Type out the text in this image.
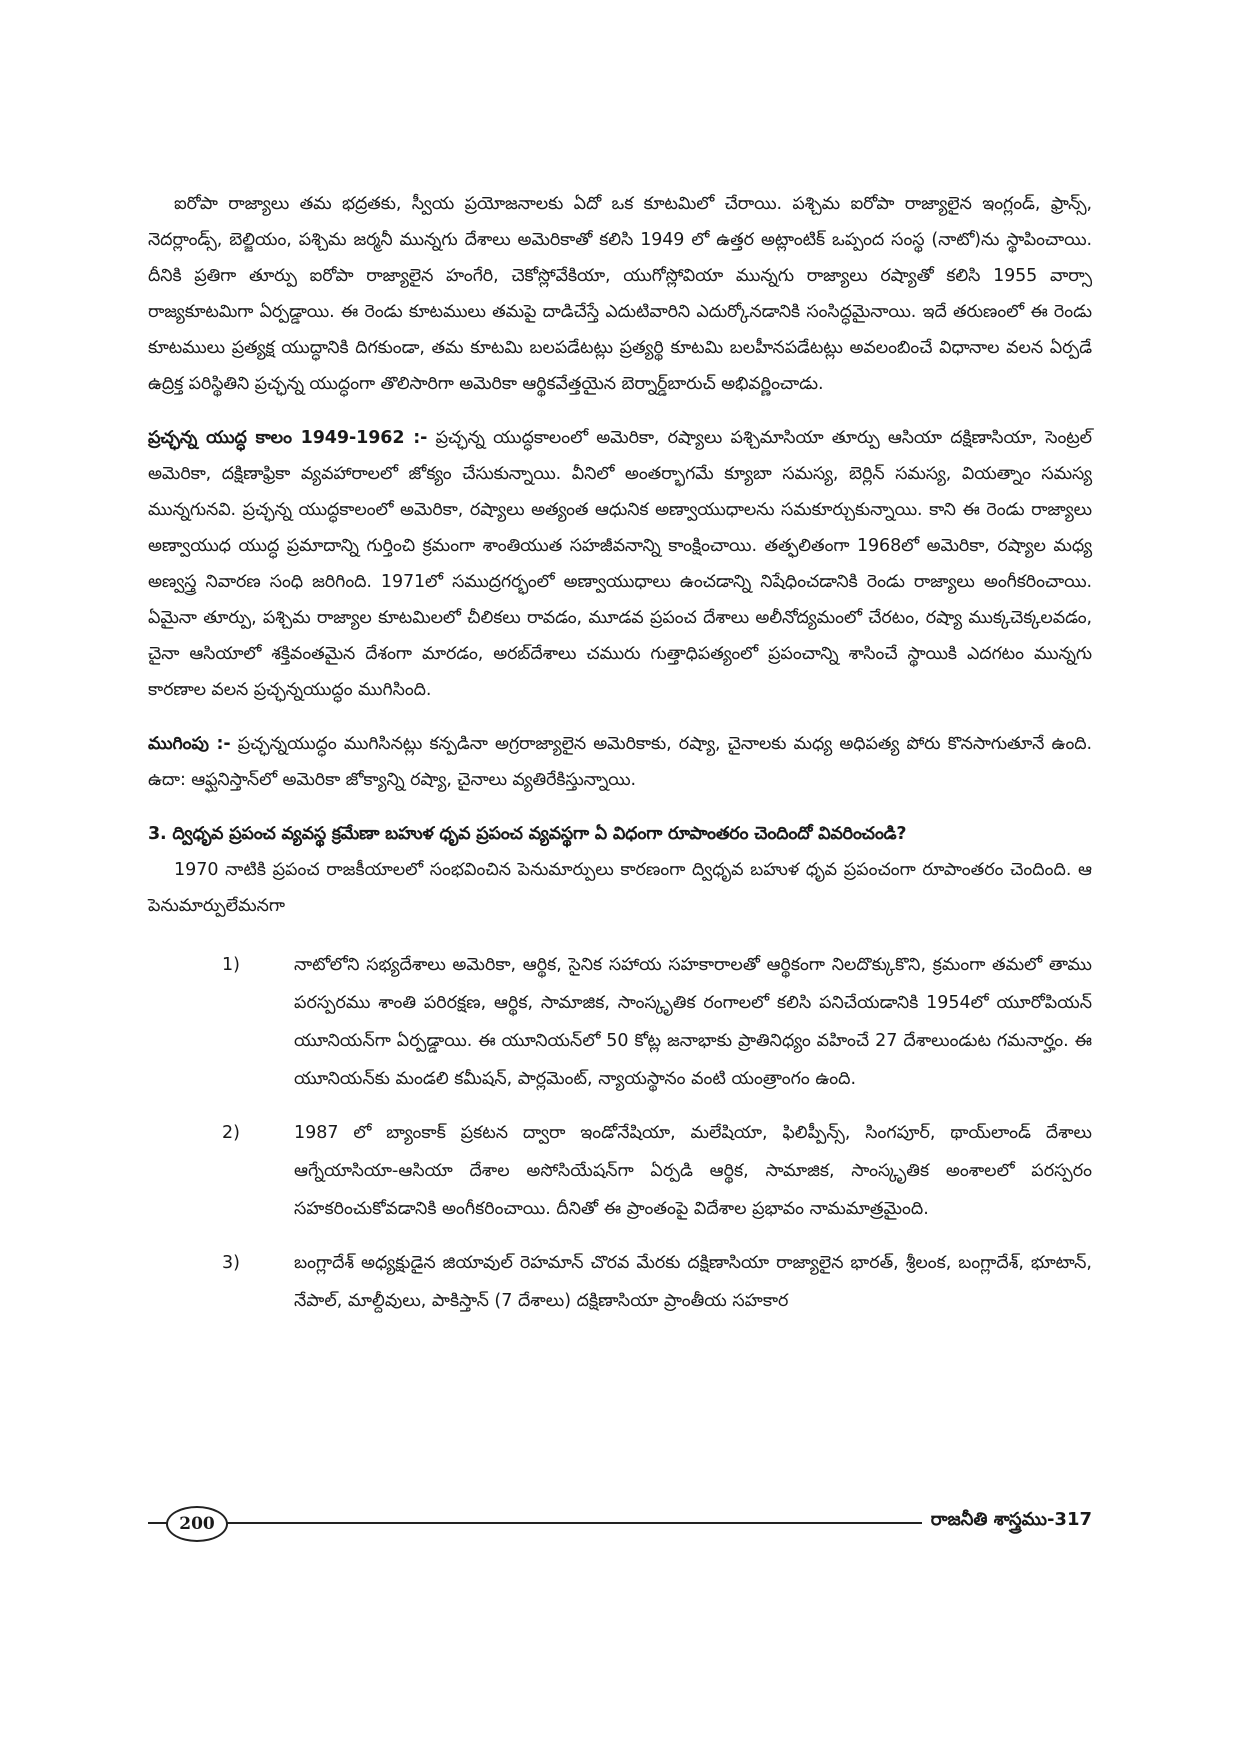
ఐరోపా రాజ్యాలు తమ భద్రతకు, స్వీయ ప్రయోజనాలకు ఏదో ఒక కూటమిలో చేరాయి. పశ్చిమ ఐరోపా రాజ్యాలైన ఇంగ్లండ్, ఫ్రాన్స్, నెదర్లాండ్స్, బెల్జియం, పశ్చిమ జర్మనీ మున్నగు దేశాలు అమెరికాతో కలిసి 1949 లో ఉత్తర అట్లాంటిక్ ఒప్పంద సంస్థ (నాటో)ను స్థాపించాయి. దీనికి ప్రతిగా తూర్పు ఐరోపా రాజ్యాలైన హంగేరి, చెకోస్లోవేకియా, యుగోస్లోవియా మున్నగు రాజ్యాలు రష్యాతో కలిసి 1955 వార్సా రాజ్యకూటమిగా ఏర్పడ్డాయి. ఈ రెండు కూటములు తమపై దాడిచేస్తే ఎదుటివారిని ఎదుర్కోనడానికి సంసిద్ధమైనాయి. ఇదే తరుణంలో ఈ రెండు కూటములు ప్రత్యక్ష యుద్ధానికి దిగకుండా, తమ కూటమి బలపడేటట్లు ప్రత్యర్థి కూటమి బలహీనపడేటట్లు అవలంబించే విధానాల వలన ఏర్పడే ఉద్రిక్త పరిస్థితిని ప్రచ్ఛన్న యుద్ధంగా తొలిసారిగా అమెరికా ఆర్థికవేత్తయైన బెర్నార్డ్‌బారుచ్ అభివర్ణించాడు.

ప్రచ్ఛన్న యుద్ధ కాలం 1949-1962 :- ప్రచ్ఛన్న యుద్ధకాలంలో అమెరికా, రష్యాలు పశ్చిమాసియా తూర్పు ఆసియా దక్షిణాసియా, సెంట్రల్ అమెరికా, దక్షిణాఫ్రికా వ్యవహారాలలో జోక్యం చేసుకున్నాయి. వీనిలో అంతర్భాగమే క్యూబా సమస్య, బెర్లిన్ సమస్య, వియత్నాం సమస్య మున్నగునవి. ప్రచ్ఛన్న యుద్ధకాలంలో అమెరికా, రష్యాలు అత్యంత ఆధునిక అణ్వాయుధాలను సమకూర్చుకున్నాయి. కాని ఈ రెండు రాజ్యాలు అణ్వాయుధ యుద్ధ ప్రమాదాన్ని గుర్తించి క్రమంగా శాంతియుత సహజీవనాన్ని కాంక్షించాయి. తత్ఫలితంగా 1968లో అమెరికా, రష్యాల మధ్య అణ్వస్త్ర నివారణ సంధి జరిగింది. 1971లో సముద్రగర్భంలో అణ్వాయుధాలు ఉంచడాన్ని నిషేధించడానికి రెండు రాజ్యాలు అంగీకరించాయి. ఏమైనా తూర్పు, పశ్చిమ రాజ్యాల కూటమిలలో చీలికలు రావడం, మూడవ ప్రపంచ దేశాలు అలీనోద్యమంలో చేరటం, రష్యా ముక్కచెక్కలవడం, చైనా ఆసియాలో శక్తివంతమైన దేశంగా మారడం, అరబ్‌దేశాలు చమురు గుత్తాధిపత్యంలో ప్రపంచాన్ని శాసించే స్థాయికి ఎదగటం మున్నగు కారణాల వలన ప్రచ్ఛన్నయుద్ధం ముగిసింది.

ముగింపు :- ప్రచ్ఛన్నయుద్ధం ముగిసినట్లు కన్పడినా అగ్రరాజ్యాలైన అమెరికాకు, రష్యా, చైనాలకు మధ్య అధిపత్య పోరు కొనసాగుతూనే ఉంది. ఉదా: ఆఫ్ఘనిస్తాన్‌లో అమెరికా జోక్యాన్ని రష్యా, చైనాలు వ్యతిరేకిస్తున్నాయి.

3. ద్విధృవ ప్రపంచ వ్యవస్థ క్రమేణా బహుళ ధృవ ప్రపంచ వ్యవస్థగా ఏ విధంగా రూపాంతరం చెందిందో వివరించండి?

1970 నాటికి ప్రపంచ రాజకీయాలలో సంభవించిన పెనుమార్పులు కారణంగా ద్విధృవ బహుళ ధృవ ప్రపంచంగా రూపాంతరం చెందింది. ఆ పెనుమార్పులేమనగా

1)	నాటోలోని సభ్యదేశాలు అమెరికా, ఆర్థిక, సైనిక సహాయ సహకారాలతో ఆర్థికంగా నిలదొక్కుకొని, క్రమంగా తమలో తాము పరస్పరము శాంతి పరిరక్షణ, ఆర్థిక, సామాజిక, సాంస్కృతిక రంగాలలో కలిసి పనిచేయడానికి 1954లో యూరోపియన్ యూనియన్‌గా ఏర్పడ్డాయి. ఈ యూనియన్‌లో 50 కోట్ల జనాభాకు ప్రాతినిధ్యం వహించే 27 దేశాలుండుట గమనార్హం. ఈ యూనియన్‌కు మండలి కమీషన్, పార్లమెంట్, న్యాయస్థానం వంటి యంత్రాంగం ఉంది.
2)	1987 లో బ్యాంకాక్ ప్రకటన ద్వారా ఇండోనేషియా, మలేషియా, ఫిలిప్పీన్స్, సింగపూర్, థాయ్‌లాండ్ దేశాలు ఆగ్నేయాసియా-ఆసియా దేశాల అసోసియేషన్‌గా ఏర్పడి ఆర్థిక, సామాజిక, సాంస్కృతిక అంశాలలో పరస్పరం సహకరించుకోవడానికి అంగీకరించాయి. దీనితో ఈ ప్రాంతంపై విదేశాల ప్రభావం నామమాత్రమైంది.
3)	బంగ్లాదేశ్ అధ్యక్షుడైన జియావుల్ రెహమాన్ చొరవ మేరకు దక్షిణాసియా రాజ్యాలైన భారత్, శ్రీలంక, బంగ్లాదేశ్, భూటాన్, నేపాల్, మాల్దీవులు, పాకిస్తాన్ (7 దేశాలు) దక్షిణాసియా ప్రాంతీయ సహకార
200	రాజనీతి శాస్త్రము-317
